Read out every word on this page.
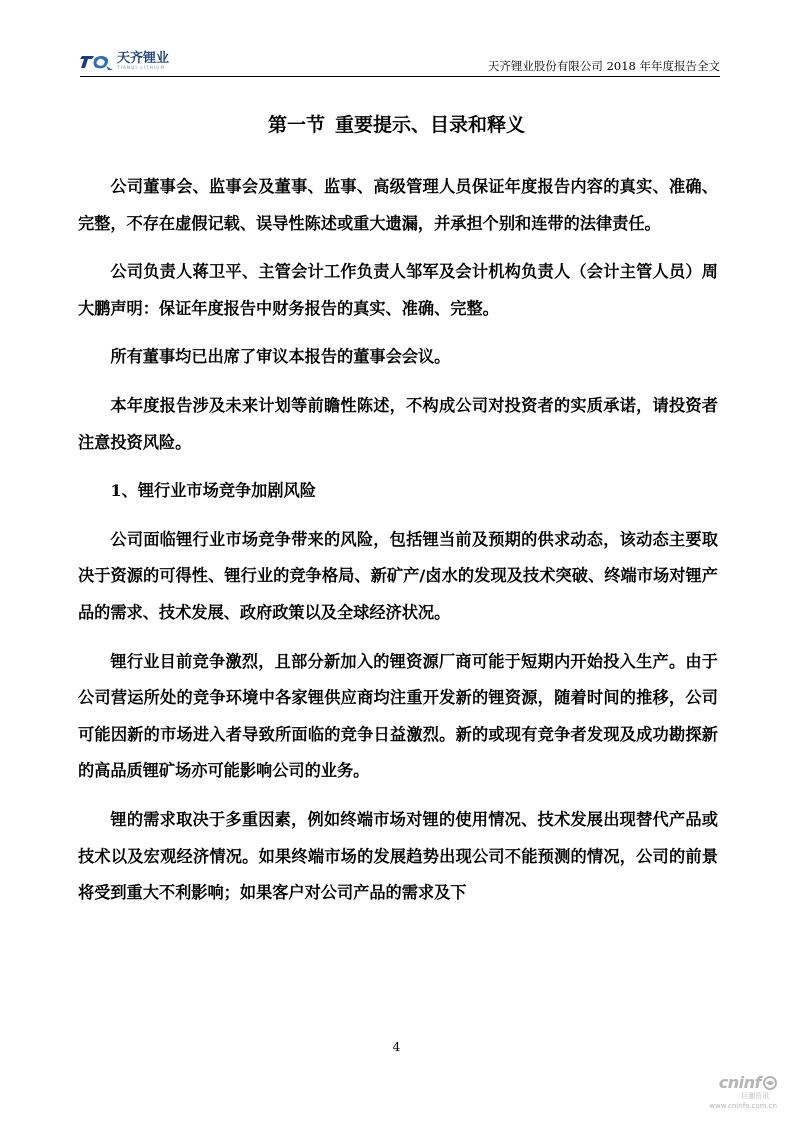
天齐锂业
TIANQI LITHIUM	天齐锂业股份有限公司 2018 年年度报告全文
第一节 重要提示、目录和释义

公司董事会、监事会及董事、监事、高级管理人员保证年度报告内容的真实、准确、完整，不存在虚假记载、误导性陈述或重大遗漏，并承担个别和连带的法律责任。

公司负责人蒋卫平、主管会计工作负责人邹军及会计机构负责人（会计主管人员）周大鹏声明：保证年度报告中财务报告的真实、准确、完整。

所有董事均已出席了审议本报告的董事会会议。

本年度报告涉及未来计划等前瞻性陈述，不构成公司对投资者的实质承诺，请投资者注意投资风险。

1、锂行业市场竞争加剧风险

公司面临锂行业市场竞争带来的风险，包括锂当前及预期的供求动态，该动态主要取决于资源的可得性、锂行业的竞争格局、新矿产/卤水的发现及技术突破、终端市场对锂产品的需求、技术发展、政府政策以及全球经济状况。

锂行业目前竞争激烈，且部分新加入的锂资源厂商可能于短期内开始投入生产。由于公司营运所处的竞争环境中各家锂供应商均注重开发新的锂资源，随着时间的推移，公司可能因新的市场进入者导致所面临的竞争日益激烈。新的或现有竞争者发现及成功勘探新的高品质锂矿场亦可能影响公司的业务。

锂的需求取决于多重因素，例如终端市场对锂的使用情况、技术发展出现替代产品或技术以及宏观经济情况。如果终端市场的发展趋势出现公司不能预测的情况，公司的前景将受到重大不利影响；如果客户对公司产品的需求及下

4
cninf
巨潮资讯
www.cninfo.com.cn
